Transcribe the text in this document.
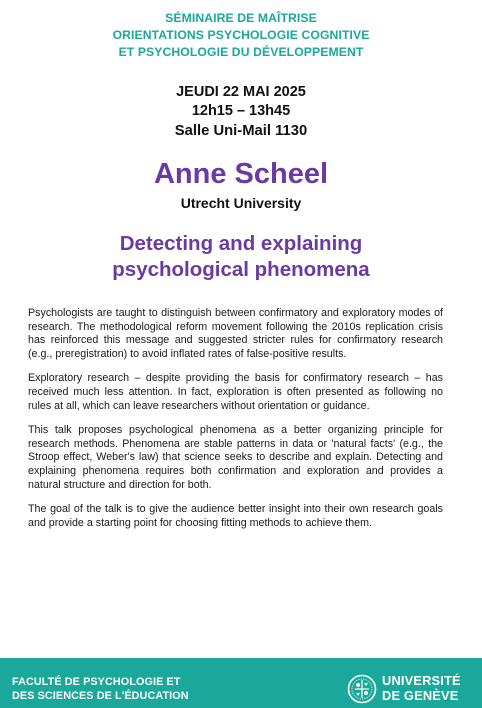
SÉMINAIRE DE MAÎTRISE
ORIENTATIONS PSYCHOLOGIE COGNITIVE
ET PSYCHOLOGIE DU DÉVELOPPEMENT
JEUDI 22 MAI 2025
12h15 – 13h45
Salle Uni-Mail 1130
Anne Scheel
Utrecht University
Detecting and explaining
psychological phenomena

Psychologists are taught to distinguish between confirmatory and exploratory modes of research. The methodological reform movement following the 2010s replication crisis has reinforced this message and suggested stricter rules for confirmatory research (e.g., preregistration) to avoid inflated rates of false-positive results.

Exploratory research – despite providing the basis for confirmatory research – has received much less attention. In fact, exploration is often presented as following no rules at all, which can leave researchers without orientation or guidance.

This talk proposes psychological phenomena as a better organizing principle for research methods. Phenomena are stable patterns in data or 'natural facts' (e.g., the Stroop effect, Weber's law) that science seeks to describe and explain. Detecting and explaining phenomena requires both confirmation and exploration and provides a natural structure and direction for both.

The goal of the talk is to give the audience better insight into their own research goals and provide a starting point for choosing fitting methods to achieve them.

FACULTÉ DE PSYCHOLOGIE ET
DES SCIENCES DE L'ÉDUCATION
UNIVERSITÉ
DE GENÈVE
